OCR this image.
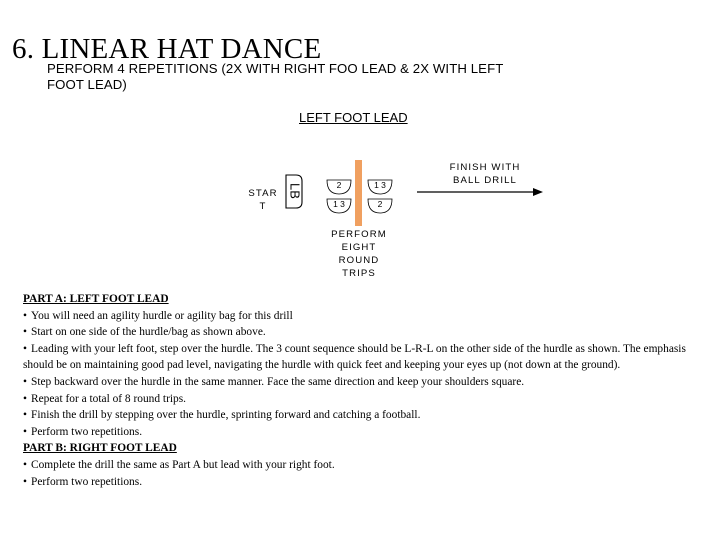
6. LINEAR HAT DANCE
PERFORM 4 REPETITIONS (2X WITH RIGHT FOO LEAD & 2X WITH LEFT FOOT LEAD)
LEFT FOOT LEAD
LB	2	1 3
1 3	2
STAR
T
FINISH WITH
BALL DRILL
PERFORM
EIGHT
ROUND
TRIPS
PART A: LEFT FOOT LEAD
• You will need an agility hurdle or agility bag for this drill
• Start on one side of the hurdle/bag as shown above.
• Leading with your left foot, step over the hurdle. The 3 count sequence should be L-R-L on the other side of the hurdle as shown. The emphasis should be on maintaining good pad level, navigating the hurdle with quick feet and keeping your eyes up (not down at the ground).
• Step backward over the hurdle in the same manner. Face the same direction and keep your shoulders square.
• Repeat for a total of 8 round trips.
• Finish the drill by stepping over the hurdle, sprinting forward and catching a football.
• Perform two repetitions.
PART B: RIGHT FOOT LEAD
• Complete the drill the same as Part A but lead with your right foot.
• Perform two repetitions.
